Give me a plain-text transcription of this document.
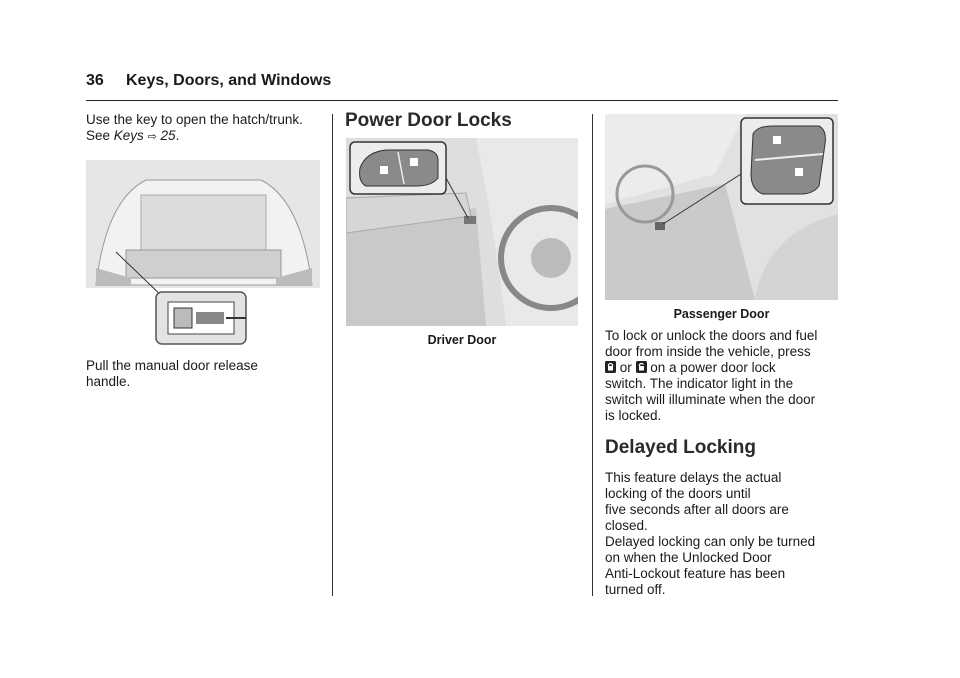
36 Keys, Doors, and Windows
Use the key to open the hatch/trunk.
See Keys ⇨ 25.
Pull the manual door release
handle.
Power Door Locks
Driver Door
Passenger Door
To lock or unlock the doors and fuel
door from inside the vehicle, press
or  on a power door lock
switch. The indicator light in the
switch will illuminate when the door
is locked.
Delayed Locking
This feature delays the actual
locking of the doors until
five seconds after all doors are
closed.
Delayed locking can only be turned
on when the Unlocked Door
Anti-Lockout feature has been
turned off.
